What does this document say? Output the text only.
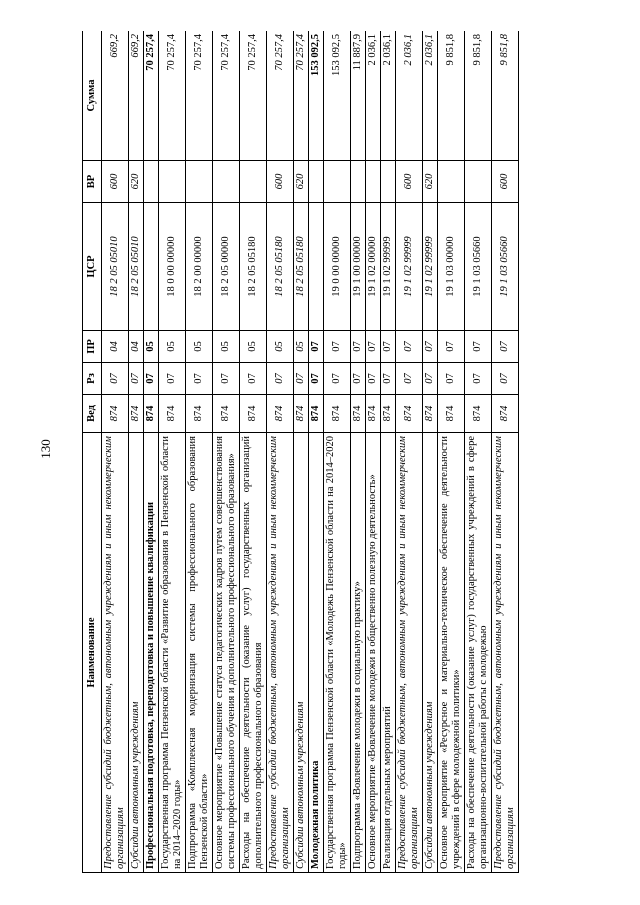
130
Наименование	Вед	Рз	ПР	ЦСР	ВР	Сумма
Предоставление субсидий бюджетным, автономным учреждениям и иным некоммерческим организациям	874	07	04	18 2 05 05010	600	669,2
Субсидии автономным учреждениям	874	07	04	18 2 05 05010	620	669,2
Профессиональная подготовка, переподготовка и повышение квалификации	874	07	05			70 257,4
Государственная программа Пензенской области «Развитие образования в Пензенской области на 2014–2020 годы»	874	07	05	18 0 00 00000		70 257,4
Подпрограмма «Комплексная модернизация системы профессионального образования Пензенской области»	874	07	05	18 2 00 00000		70 257,4
Основное мероприятие «Повышение статуса педагогических кадров путем совершенствования системы профессионального обучения и дополнительного профессионального образования»	874	07	05	18 2 05 00000		70 257,4
Расходы на обеспечение деятельности (оказание услуг) государственных организаций дополнительного профессионального образования	874	07	05	18 2 05 05180		70 257,4
Предоставление субсидий бюджетным, автономным учреждениям и иным некоммерческим организациям	874	07	05	18 2 05 05180	600	70 257,4
Субсидии автономным учреждениям	874	07	05	18 2 05 05180	620	70 257,4
Молодежная политика	874	07	07			153 092,5
Государственная программа Пензенской области «Молодежь Пензенской области на 2014–2020 годы»	874	07	07	19 0 00 00000		153 092,5
Подпрограмма «Вовлечение молодежи в социальную практику»	874	07	07	19 1 00 00000		11 887,9
Основное мероприятие «Вовлечение молодежи в общественно полезную деятельность»	874	07	07	19 1 02 00000		2 036,1
Реализация отдельных мероприятий	874	07	07	19 1 02 99999		2 036,1
Предоставление субсидий бюджетным, автономным учреждениям и иным некоммерческим организациям	874	07	07	19 1 02 99999	600	2 036,1
Субсидии автономным учреждениям	874	07	07	19 1 02 99999	620	2 036,1
Основное мероприятие «Ресурсное и материально-техническое обеспечение деятельности учреждений в сфере молодежной политики»	874	07	07	19 1 03 00000		9 851,8
Расходы на обеспечение деятельности (оказание услуг) государственных учреждений в сфере организационно-воспитательной работы с молодежью	874	07	07	19 1 03 05660		9 851,8
Предоставление субсидий бюджетным, автономным учреждениям и иным некоммерческим организациям	874	07	07	19 1 03 05660	600	9 851,8
